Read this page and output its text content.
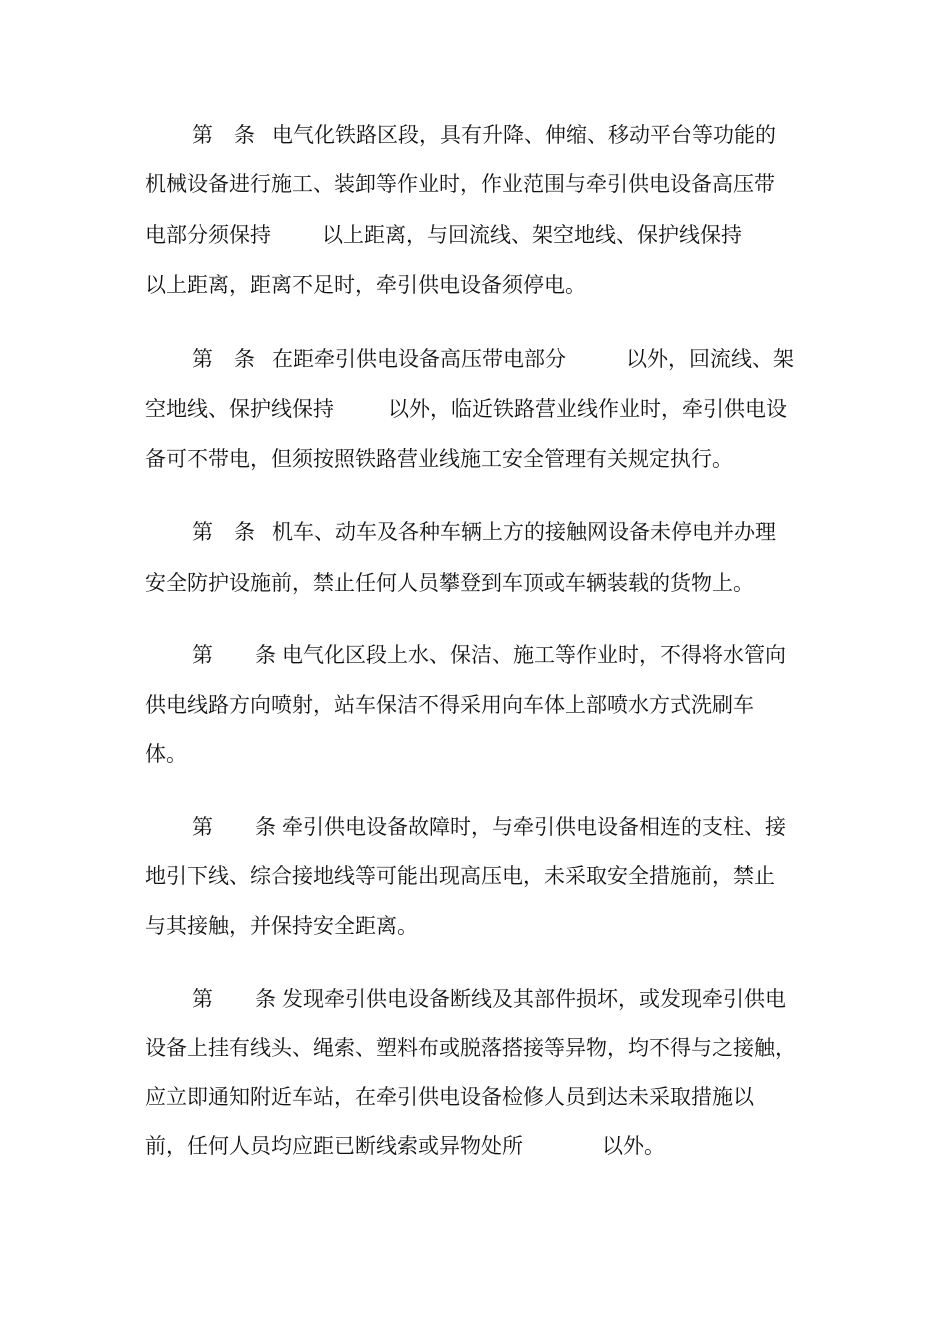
第　条 电气化铁路区段，具有升降、伸缩、移动平台等功能的
机械设备进行施工、装卸等作业时，作业范围与牵引供电设备高压带
电部分须保持 以上距离，与回流线、架空地线、保护线保持
以上距离，距离不足时，牵引供电设备须停电。
第　条 在距牵引供电设备高压带电部分	以外，回流线、架
空地线、保护线保持	以外，临近铁路营业线作业时，牵引供电设
备可不带电，但须按照铁路营业线施工安全管理有关规定执行。
第　条 机车、动车及各种车辆上方的接触网设备未停电并办理
安全防护设施前，禁止任何人员攀登到车顶或车辆装载的货物上。
第　　条 电气化区段上水、保洁、施工等作业时，不得将水管向
供电线路方向喷射，站车保洁不得采用向车体上部喷水方式洗刷车
体。
第　　条 牵引供电设备故障时，与牵引供电设备相连的支柱、接
地引下线、综合接地线等可能出现高压电，未采取安全措施前，禁止
与其接触，并保持安全距离。
第　　条 发现牵引供电设备断线及其部件损坏，或发现牵引供电
设备上挂有线头、绳索、塑料布或脱落搭接等异物，均不得与之接触，
应立即通知附近车站，在牵引供电设备检修人员到达未采取措施以
前，任何人员均应距已断线索或异物处所	以外。
